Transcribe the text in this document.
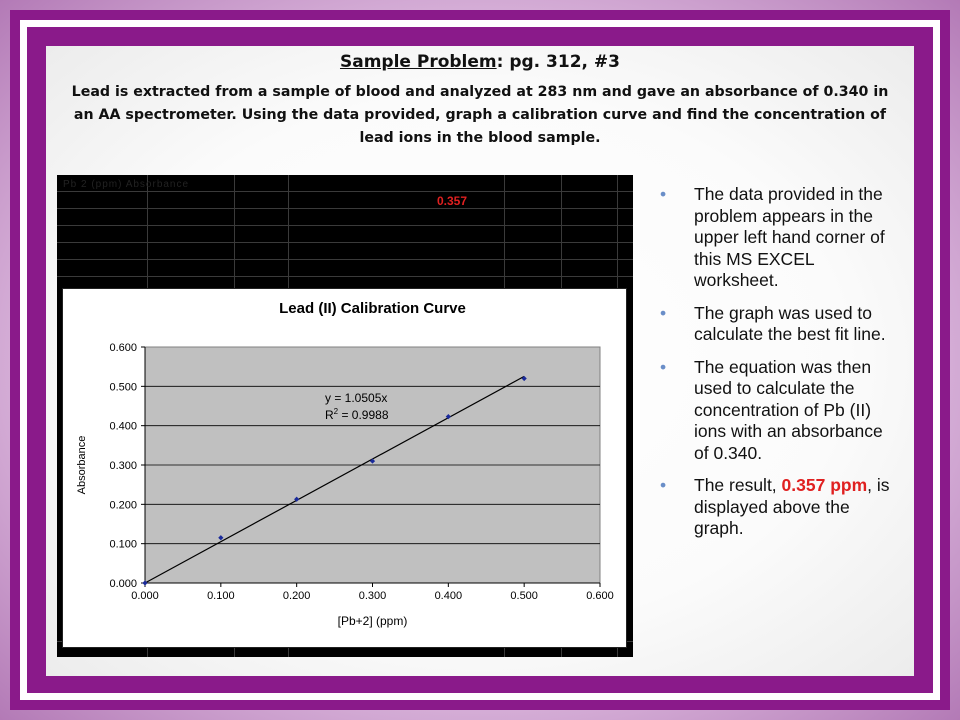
Sample Problem: pg. 312, #3
Lead is extracted from a sample of blood and analyzed at 283 nm and gave an absorbance of 0.340 in an AA spectrometer. Using the data provided, graph a calibration curve and find the concentration of lead ions in the blood sample.
Pb 2 (ppm) Absorbance
0.357
0.000
0.100
0.200
0.300
0.400
0.500
0.600
0.000	0.100	0.200	0.300	0.400	0.500	0.600
Lead (II) Calibration Curve
[Pb+2] (ppm)
Absorbance
y = 1.0505x
$R^2 = 0.9988$
• The data provided in the problem appears in the upper left hand corner of this MS EXCEL worksheet.
• The graph was used to calculate the best fit line.
• The equation was then used to calculate the concentration of Pb (II) ions with an absorbance of 0.340.
• The result, 0.357 ppm, is displayed above the graph.
